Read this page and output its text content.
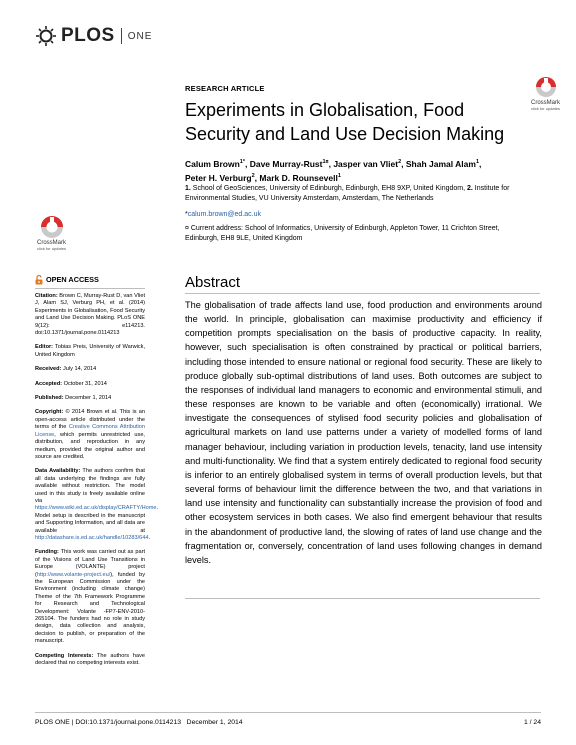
PLOS ONE
CrossMark
click for updates
CrossMark
click for updates
RESEARCH ARTICLE
Experiments in Globalisation, Food Security and Land Use Decision Making
Calum Brown$^{1*}$, Dave Murray-Rust$^{1¤}$, Jasper van Vliet$^2$, Shah Jamal Alam$^1$,
Peter H. Verburg$^2$, Mark D. Rounsevell$^1$
1. School of GeoSciences, University of Edinburgh, Edinburgh, EH8 9XP, United Kingdom, 2. Institute for Environmental Studies, VU University Amsterdam, Amsterdam, The Netherlands
*calum.brown@ed.ac.uk
¤ Current address: School of Informatics, University of Edinburgh, Appleton Tower, 11 Crichton Street, Edinburgh, EH8 9LE, United Kingdom
Abstract
The globalisation of trade affects land use, food production and environments around the world. In principle, globalisation can maximise productivity and efficiency if competition prompts specialisation on the basis of productive capacity. In reality, however, such specialisation is often constrained by practical or political barriers, including those intended to ensure national or regional food security. These are likely to produce globally sub-optimal distributions of land uses. Both outcomes are subject to the responses of individual land managers to economic and environmental stimuli, and these responses are known to be variable and often (economically) irrational. We investigate the consequences of stylised food security policies and globalisation of agricultural markets on land use patterns under a variety of modelled forms of land manager behaviour, including variation in production levels, tenacity, land use intensity and multi-functionality. We find that a system entirely dedicated to regional food security is inferior to an entirely globalised system in terms of overall production levels, but that several forms of behaviour limit the difference between the two, and that variations in land use intensity and functionality can substantially increase the provision of food and other ecosystem services in both cases. We also find emergent behaviour that results in the abandonment of productive land, the slowing of rates of land use change and the fragmentation or, conversely, concentration of land uses following changes in demand levels.
OPEN ACCESS

Citation: Brown C, Murray-Rust D, van Vliet J, Alam SJ, Verburg PH, et al. (2014) Experiments in Globalisation, Food Security and Land Use Decision Making. PLoS ONE 9(12): e114213. doi:10.1371/journal.pone.0114213

Editor: Tobias Preis, University of Warwick, United Kingdom

Received: July 14, 2014

Accepted: October 31, 2014

Published: December 1, 2014

Copyright: © 2014 Brown et al. This is an open-access article distributed under the terms of the Creative Commons Attribution License, which permits unrestricted use, distribution, and reproduction in any medium, provided the original author and source are credited.

Data Availability: The authors confirm that all data underlying the findings are fully available without restriction. The model used in this study is freely available online via https://www.wiki.ed.ac.uk/display/CRAFTY/Home. Model setup is described in the manuscript and Supporting Information, and all data are available at http://datashare.is.ed.ac.uk/handle/10283/644.

Funding: This work was carried out as part of the Visions of Land Use Transitions in Europe (VOLANTE) project (http://www.volante-project.eu/), funded by the European Commission under the Environment (including climate change) Theme of the 7th Framework Programme for Research and Technological Development: Volante -FP7-ENV-2010-265104. The funders had no role in study design, data collection and analysis, decision to publish, or preparation of the manuscript.

Competing Interests: The authors have declared that no competing interests exist.

PLOS ONE | DOI:10.1371/journal.pone.0114213 December 1, 2014	1 / 24
